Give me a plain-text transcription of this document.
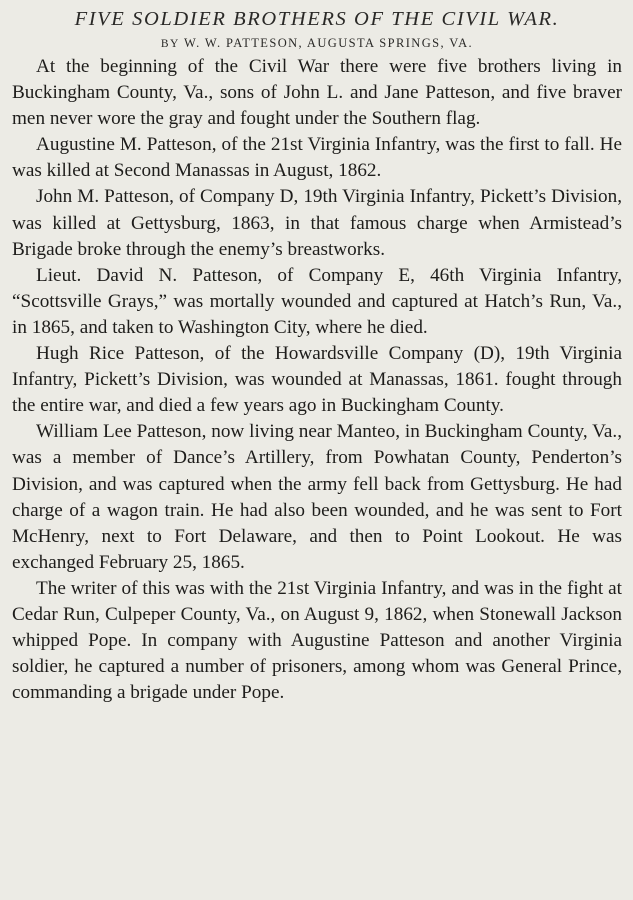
FIVE SOLDIER BROTHERS OF THE CIVIL WAR.
BY W. W. PATTESON, AUGUSTA SPRINGS, VA.

At the beginning of the Civil War there were five brothers living in Buckingham County, Va., sons of John L. and Jane Patteson, and five braver men never wore the gray and fought under the Southern flag.

Augustine M. Patteson, of the 21st Virginia Infantry, was the first to fall. He was killed at Second Manassas in August, 1862.

John M. Patteson, of Company D, 19th Virginia Infantry, Pickett’s Division, was killed at Gettysburg, 1863, in that famous charge when Armistead’s Brigade broke through the enemy’s breastworks.

Lieut. David N. Patteson, of Company E, 46th Virginia Infantry, “Scottsville Grays,” was mortally wounded and captured at Hatch’s Run, Va., in 1865, and taken to Washington City, where he died.

Hugh Rice Patteson, of the Howardsville Company (D), 19th Virginia Infantry, Pickett’s Division, was wounded at Manassas, 1861. fought through the entire war, and died a few years ago in Buckingham County.

William Lee Patteson, now living near Manteo, in Buckingham County, Va., was a member of Dance’s Artillery, from Powhatan County, Penderton’s Division, and was captured when the army fell back from Gettysburg. He had charge of a wagon train. He had also been wounded, and he was sent to Fort McHenry, next to Fort Delaware, and then to Point Lookout. He was exchanged February 25, 1865.

The writer of this was with the 21st Virginia Infantry, and was in the fight at Cedar Run, Culpeper County, Va., on August 9, 1862, when Stonewall Jackson whipped Pope. In company with Augustine Patteson and another Virginia soldier, he captured a number of prisoners, among whom was General Prince, commanding a brigade under Pope.
